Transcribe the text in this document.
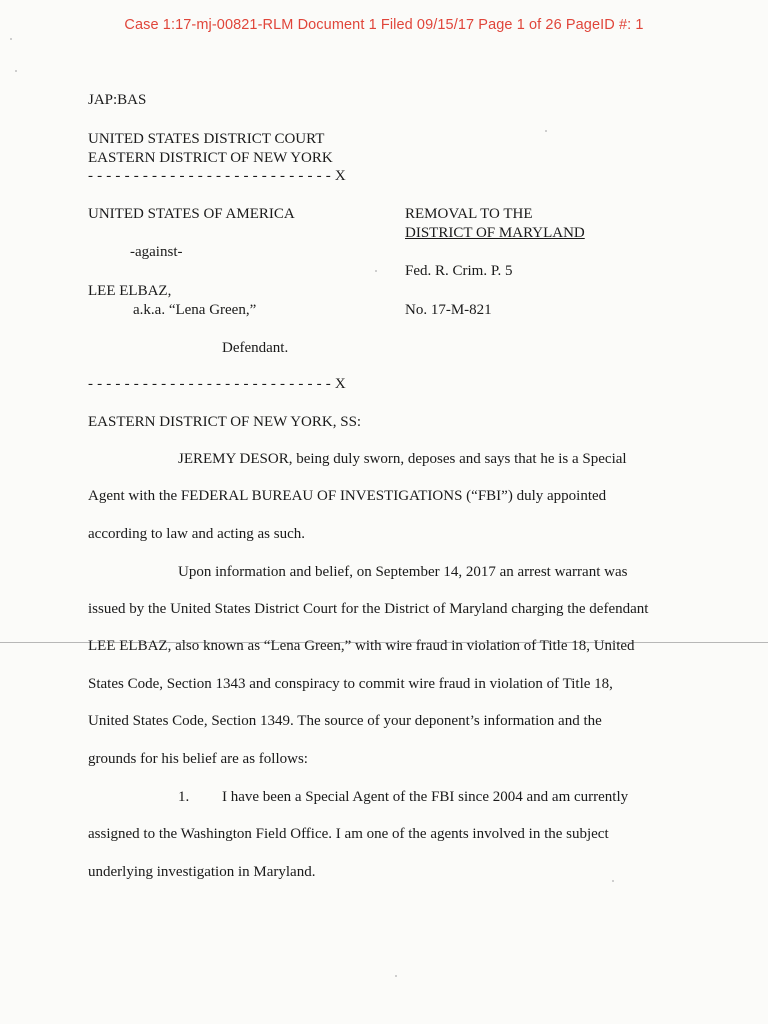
Case 1:17-mj-00821-RLM Document 1 Filed 09/15/17 Page 1 of 26 PageID #: 1
JAP:BAS
UNITED STATES DISTRICT COURT
EASTERN DISTRICT OF NEW YORK
- - - - - - - - - - - - - - - - - - - - - - - - - - - X
UNITED STATES OF AMERICA
-against-
LEE ELBAZ,
a.k.a. “Lena Green,”
Defendant.
REMOVAL TO THE
DISTRICT OF MARYLAND
Fed. R. Crim. P. 5
No. 17-M-821
- - - - - - - - - - - - - - - - - - - - - - - - - - - X
EASTERN DISTRICT OF NEW YORK, SS:
JEREMY DESOR, being duly sworn, deposes and says that he is a Special
Agent with the FEDERAL BUREAU OF INVESTIGATIONS (“FBI”) duly appointed
according to law and acting as such.
Upon information and belief, on September 14, 2017 an arrest warrant was
issued by the United States District Court for the District of Maryland charging the defendant
LEE ELBAZ, also known as “Lena Green,” with wire fraud in violation of Title 18, United
States Code, Section 1343 and conspiracy to commit wire fraud in violation of Title 18,
United States Code, Section 1349. The source of your deponent’s information and the
grounds for his belief are as follows:
1. I have been a Special Agent of the FBI since 2004 and am currently
assigned to the Washington Field Office. I am one of the agents involved in the subject
underlying investigation in Maryland.
